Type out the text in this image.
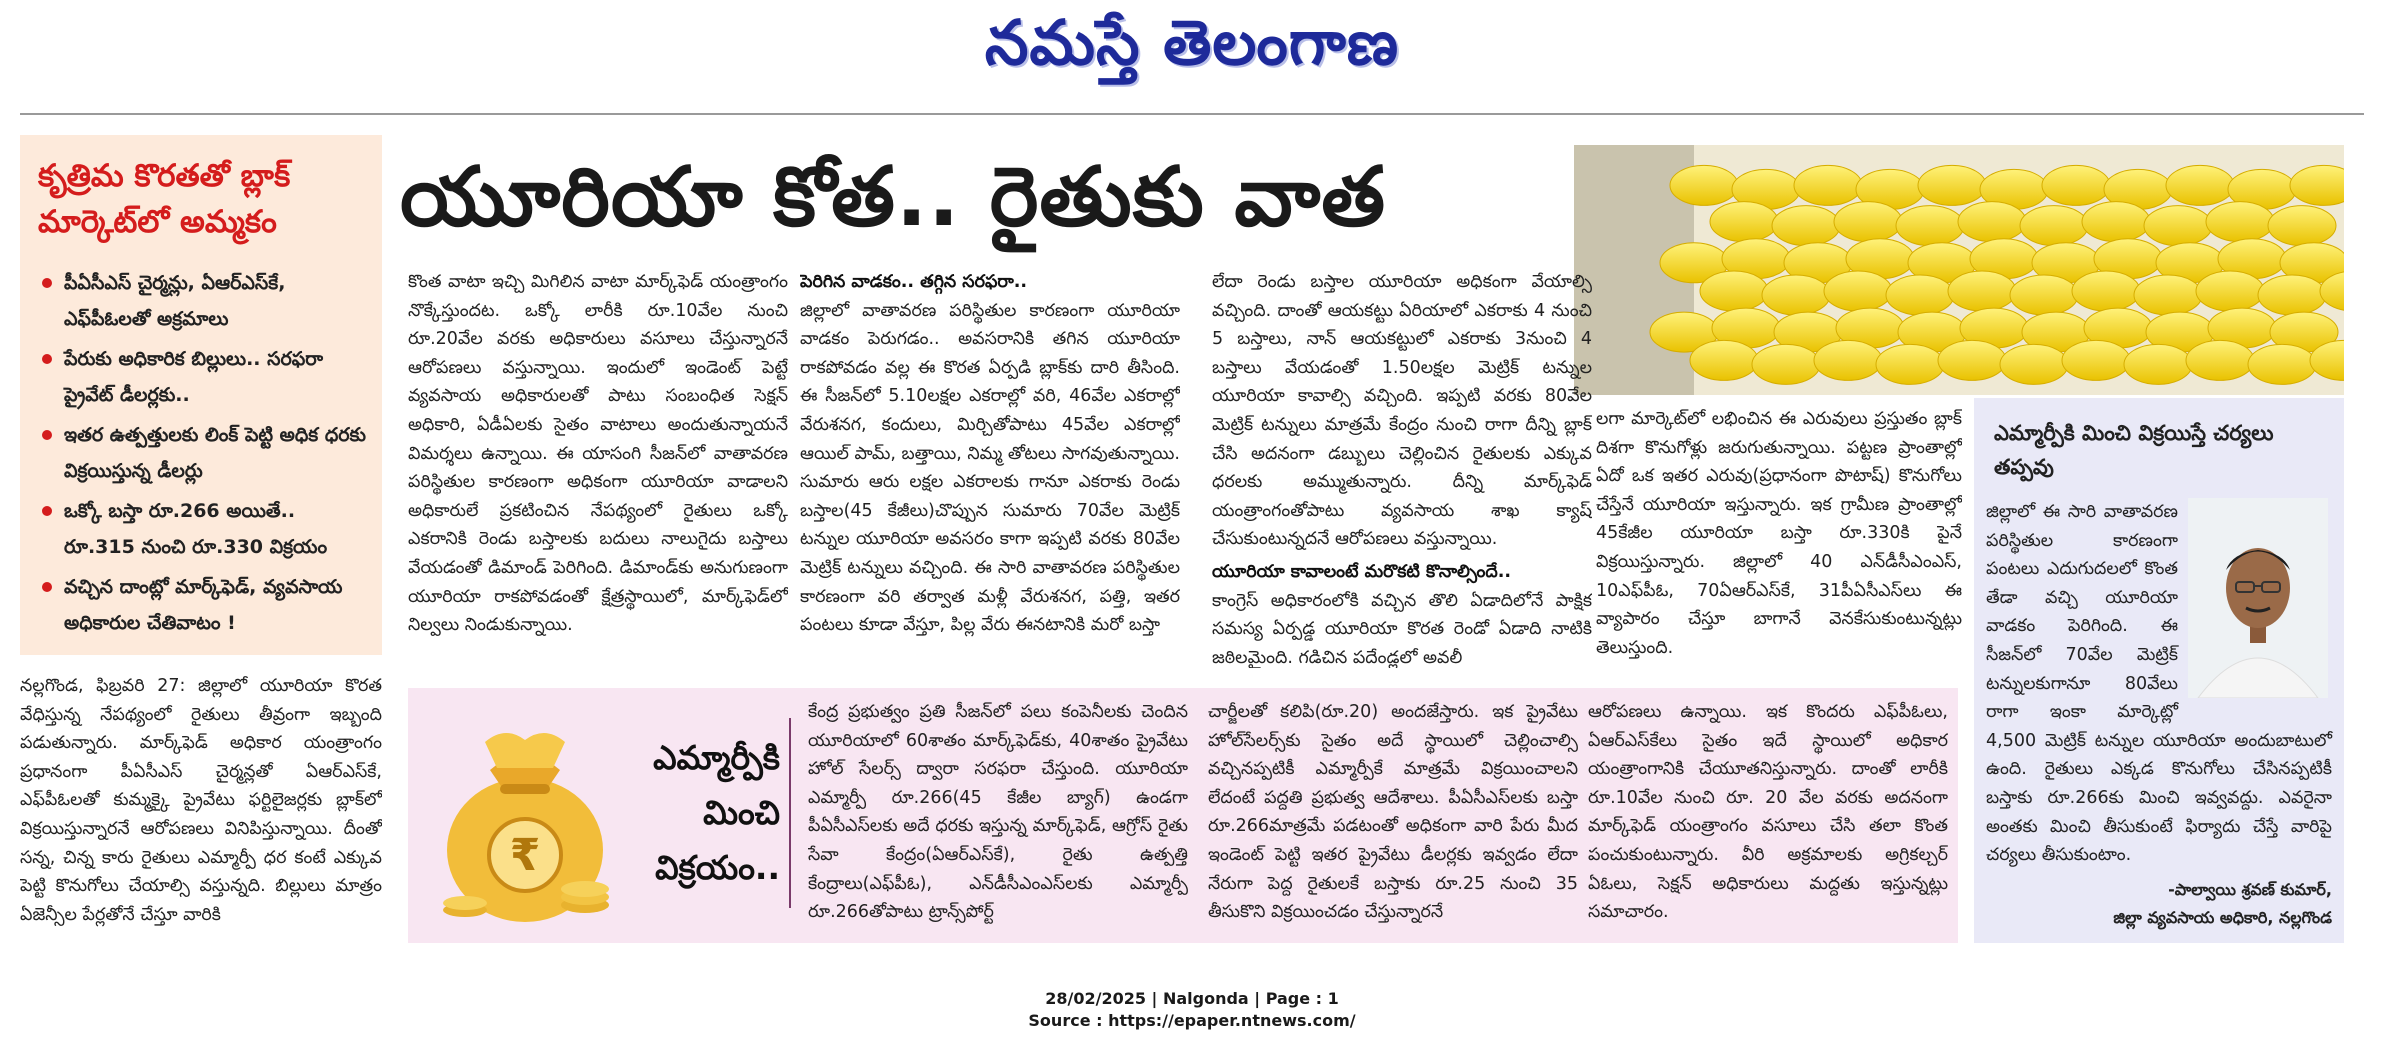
నమస్తే తెలంగాణ
కృత్రిమ కొరతతో బ్లాక్ మార్కెట్‌లో అమ్మకం
పీఏసీఎస్ చైర్మన్లు, ఏఆర్ఎస్‌కే, ఎఫ్‌పీఓలతో అక్రమాలు
పేరుకు అధికారిక బిల్లులు.. సరఫరా ప్రైవేట్ డీలర్లకు..
ఇతర ఉత్పత్తులకు లింక్ పెట్టి అధిక ధరకు విక్రయిస్తున్న డీలర్లు
ఒక్కో బస్తా రూ.266 అయితే.. రూ.315 నుంచి రూ.330 విక్రయం
వచ్చిన దాంట్లో మార్క్‌ఫెడ్, వ్యవసాయ అధికారుల చేతివాటం !
యూరియా కోత.. రైతుకు వాత

నల్లగొండ, ఫిబ్రవరి 27: జిల్లాలో యూరియా కొరత వేధిస్తున్న నేపథ్యంలో రైతులు తీవ్రంగా ఇబ్బంది పడుతున్నారు. మార్క్‌ఫెడ్ అధికార యంత్రాంగం ప్రధానంగా పీఏసీఎస్ చైర్మన్లతో ఏఆర్ఎస్‌కే, ఎఫ్‌పీఓలతో కుమ్మక్కై ప్రైవేటు ఫర్టిలైజర్లకు బ్లాక్‌లో విక్రయిస్తున్నారనే ఆరోపణలు వినిపిస్తున్నాయి. దీంతో సన్న, చిన్న కారు రైతులు ఎమ్మార్పీ ధర కంటే ఎక్కువ పెట్టి కొనుగోలు చేయాల్సి వస్తున్నది. బిల్లులు మాత్రం ఏజెన్సీల పేర్లతోనే చేస్తూ వారికి

కొంత వాటా ఇచ్చి మిగిలిన వాటా మార్క్‌ఫెడ్ యంత్రాంగం నొక్కేస్తుందట. ఒక్కో లారీకి రూ.10వేల నుంచి రూ.20వేల వరకు అధికారులు వసూలు చేస్తున్నారనే ఆరోపణలు వస్తున్నాయి. ఇందులో ఇండెంట్ పెట్టే వ్యవసాయ అధికారులతో పాటు సంబంధిత సెక్షన్ అధికారి, ఏడీఏలకు సైతం వాటాలు అందుతున్నాయనే విమర్శలు ఉన్నాయి. ఈ యాసంగి సీజన్‌లో వాతావరణ పరిస్థితుల కారణంగా అధికంగా యూరియా వాడాలని అధికారులే ప్రకటించిన నేపథ్యంలో రైతులు ఒక్కో ఎకరానికి రెండు బస్తాలకు బదులు నాలుగైదు బస్తాలు వేయడంతో డిమాండ్ పెరిగింది. డిమాండ్‌కు అనుగుణంగా యూరియా రాకపోవడంతో క్షేత్రస్థాయిలో, మార్క్‌ఫెడ్‌లో నిల్వలు నిండుకున్నాయి.

పెరిగిన వాడకం.. తగ్గిన సరఫరా..

జిల్లాలో వాతావరణ పరిస్థితుల కారణంగా యూరియా వాడకం పెరుగడం.. అవసరానికి తగిన యూరియా రాకపోవడం వల్ల ఈ కొరత ఏర్పడి బ్లాక్‌కు దారి తీసింది. ఈ సీజన్‌లో 5.10లక్షల ఎకరాల్లో వరి, 46వేల ఎకరాల్లో వేరుశనగ, కందులు, మిర్చితోపాటు 45వేల ఎకరాల్లో ఆయిల్ పామ్, బత్తాయి, నిమ్మ తోటలు సాగవుతున్నాయి. సుమారు ఆరు లక్షల ఎకరాలకు గానూ ఎకరాకు రెండు బస్తాల(45 కేజీలు)చొప్పున సుమారు 70వేల మెట్రిక్ టన్నుల యూరియా అవసరం కాగా ఇప్పటి వరకు 80వేల మెట్రిక్ టన్నులు వచ్చింది. ఈ సారి వాతావరణ పరిస్థితుల కారణంగా వరి తర్వాత మళ్లీ వేరుశనగ, పత్తి, ఇతర పంటలు కూడా వేస్తూ, పిల్ల వేరు ఈనటానికి మరో బస్తా

లేదా రెండు బస్తాల యూరియా అధికంగా వేయాల్సి వచ్చింది. దాంతో ఆయకట్టు ఏరియాలో ఎకరాకు 4 నుంచి 5 బస్తాలు, నాన్ ఆయకట్టులో ఎకరాకు 3నుంచి 4 బస్తాలు వేయడంతో 1.50లక్షల మెట్రిక్ టన్నుల యూరియా కావాల్సి వచ్చింది. ఇప్పటి వరకు 80వేల మెట్రిక్ టన్నులు మాత్రమే కేంద్రం నుంచి రాగా దీన్ని బ్లాక్ చేసి అదనంగా డబ్బులు చెల్లించిన రైతులకు ఎక్కువ ధరలకు అమ్ముతున్నారు. దీన్ని మార్క్‌ఫెడ్ యంత్రాంగంతోపాటు వ్యవసాయ శాఖ క్యాష్ చేసుకుంటున్నదనే ఆరోపణలు వస్తున్నాయి.

యూరియా కావాలంటే మరొకటి కొనాల్సిందే..

కాంగ్రెస్ అధికారంలోకి వచ్చిన తొలి ఏడాదిలోనే పాక్షిక సమస్య ఏర్పడ్డ యూరియా కొరత రెండో ఏడాది నాటికి జఠిలమైంది. గడిచిన పదేండ్లలో అవలీ

లగా మార్కెట్‌లో లభించిన ఈ ఎరువులు ప్రస్తుతం బ్లాక్ దిశగా కొనుగోళ్లు జరుగుతున్నాయి. పట్టణ ప్రాంతాల్లో ఏదో ఒక ఇతర ఎరువు(ప్రధానంగా పొటాష్) కొనుగోలు చేస్తేనే యూరియా ఇస్తున్నారు. ఇక గ్రామీణ ప్రాంతాల్లో 45కేజీల యూరియా బస్తా రూ.330కి పైనే విక్రయిస్తున్నారు. జిల్లాలో 40 ఎన్‌డీసీఎంఎస్, 10ఎఫ్‌పీఓ, 70ఏఆర్ఎస్‌కే, 31పీఏసీఎస్‌లు ఈ వ్యాపారం చేస్తూ బాగానే వెనకేసుకుంటున్నట్లు తెలుస్తుంది.

₹
ఎమ్మార్పీకి మించి విక్రయం..

కేంద్ర ప్రభుత్వం ప్రతి సీజన్‌లో పలు కంపెనీలకు చెందిన యూరియాలో 60శాతం మార్క్‌ఫెడ్‌కు, 40శాతం ప్రైవేటు హోల్ సేలర్స్ ద్వారా సరఫరా చేస్తుంది. యూరియా ఎమ్మార్పీ రూ.266(45 కేజీల బ్యాగ్) ఉండగా పీఏసీఎస్‌లకు అదే ధరకు ఇస్తున్న మార్క్‌ఫెడ్, ఆగ్రోస్ రైతు సేవా కేంద్రం(ఏఆర్ఎస్‌కే), రైతు ఉత్పత్తి కేంద్రాలు(ఎఫ్‌పీఓ), ఎన్‌డీసీఎంఎస్‌లకు ఎమ్మార్పీ రూ.266తోపాటు ట్రాన్స్‌పోర్ట్

చార్జీలతో కలిపి(రూ.20) అందజేస్తారు. ఇక ప్రైవేటు హోల్‌సేలర్స్‌కు సైతం అదే స్థాయిలో చెల్లించాల్సి వచ్చినప్పటికీ ఎమ్మార్పీకే మాత్రమే విక్రయించాలని లేదంటే పద్దతి ప్రభుత్వ ఆదేశాలు. పీఏసీఎస్‌లకు బస్తా రూ.266మాత్రమే పడటంతో అధికంగా వారి పేరు మీద ఇండెంట్ పెట్టి ఇతర ప్రైవేటు డీలర్లకు ఇవ్వడం లేదా నేరుగా పెద్ద రైతులకే బస్తాకు రూ.25 నుంచి 35 తీసుకొని విక్రయించడం చేస్తున్నారనే

ఆరోపణలు ఉన్నాయి. ఇక కొందరు ఎఫ్‌పీఓలు, ఏఆర్ఎస్‌కేలు సైతం ఇదే స్థాయిలో అధికార యంత్రాంగానికి చేయూతనిస్తున్నారు. దాంతో లారీకి రూ.10వేల నుంచి రూ. 20 వేల వరకు అదనంగా మార్క్‌ఫెడ్ యంత్రాంగం వసూలు చేసి తలా కొంత పంచుకుంటున్నారు. వీరి అక్రమాలకు అగ్రికల్చర్ ఏఓలు, సెక్షన్ అధికారులు మద్దతు ఇస్తున్నట్లు సమాచారం.

ఎమ్మార్పీకి మించి విక్రయిస్తే చర్యలు తప్పవు
జిల్లాలో ఈ సారి వాతావరణ పరిస్థితుల కారణంగా పంటలు ఎదుగుదలలో కొంత తేడా వచ్చి యూరియా వాడకం పెరిగింది. ఈ సీజన్‌లో 70వేల మెట్రిక్ టన్నులకుగానూ 80వేలు రాగా ఇంకా మార్కెట్లో 4,500 మెట్రిక్ టన్నుల యూరియా అందుబాటులో ఉంది. రైతులు ఎక్కడ కొనుగోలు చేసినప్పటికీ బస్తాకు రూ.266కు మించి ఇవ్వవద్దు. ఎవరైనా అంతకు మించి తీసుకుంటే ఫిర్యాదు చేస్తే వారిపై చర్యలు తీసుకుంటాం.
-పాల్వాయి శ్రవణ్ కుమార్,
జిల్లా వ్యవసాయ అధికారి, నల్లగొండ
28/02/2025 | Nalgonda | Page : 1
Source : https://epaper.ntnews.com/
